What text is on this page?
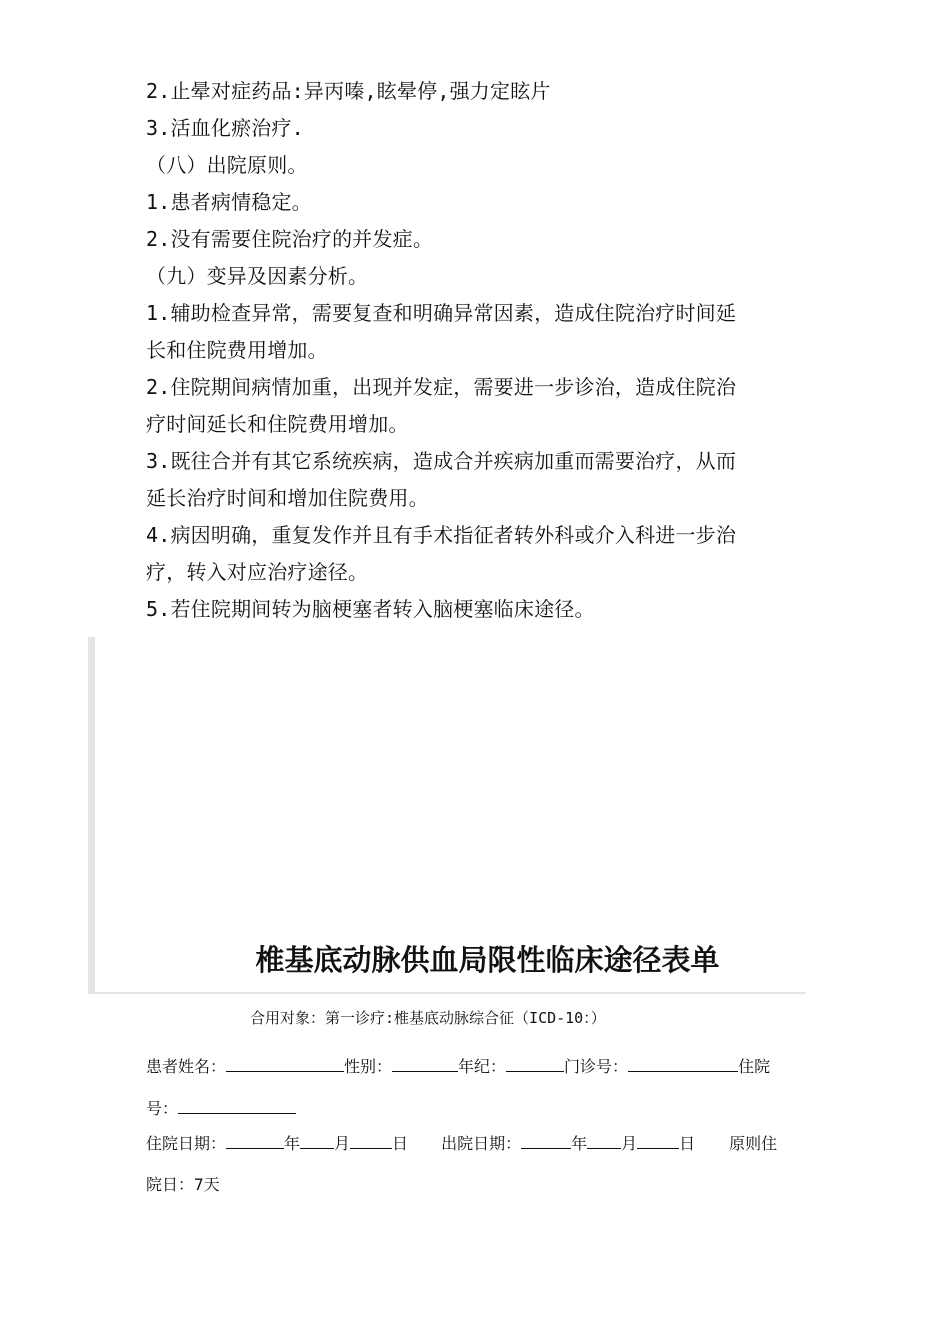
2.止晕对症药品:异丙嗪,眩晕停,强力定眩片
3.活血化瘀治疗.
（八）出院原则。
1.患者病情稳定。
2.没有需要住院治疗的并发症。
（九）变异及因素分析。
1.辅助检查异常，需要复查和明确异常因素，造成住院治疗时间延
长和住院费用增加。
2.住院期间病情加重，出现并发症，需要进一步诊治，造成住院治
疗时间延长和住院费用增加。
3.既往合并有其它系统疾病，造成合并疾病加重而需要治疗，从而
延长治疗时间和增加住院费用。
4.病因明确，重复发作并且有手术指征者转外科或介入科进一步治
疗，转入对应治疗途径。
5.若住院期间转为脑梗塞者转入脑梗塞临床途径。
椎基底动脉供血局限性临床途径表单
合用对象：第一诊疗:椎基底动脉综合征（ICD-10：）
患者姓名：	性别：	年纪：	门诊号：	住院
号：
住院日期：	年 月	日 出院日期：	年 月	日 原则住
院日：7天
